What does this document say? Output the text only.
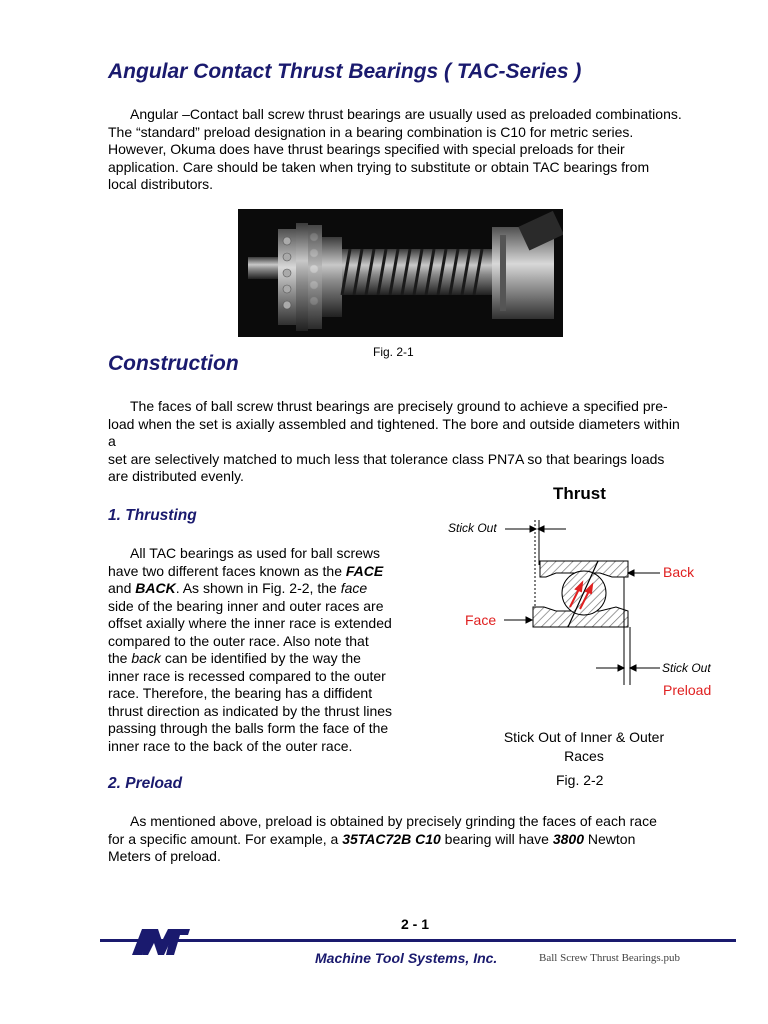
Angular Contact Thrust Bearings ( TAC-Series )
Angular –Contact ball screw thrust bearings are usually used as preloaded combinations.
The “standard” preload designation in a bearing combination is C10 for metric series.
However, Okuma does have thrust bearings specified with special preloads for their
application. Care should be taken when trying to substitute or obtain TAC bearings from
local distributors.
Fig. 2-1
Construction
The faces of ball screw thrust bearings are precisely ground to achieve a specified pre-
load when the set is axially assembled and tightened. The bore and outside diameters within
a
set are selectively matched to much less that tolerance class PN7A so that bearings loads
are distributed evenly.
1. Thrusting
All TAC bearings as used for ball screws
have two different faces known as the FACE
and BACK. As shown in Fig. 2-2, the face
side of the bearing inner and outer races are
offset axially where the inner race is extended
compared to the outer race. Also note that
the back can be identified by the way the
inner race is recessed compared to the outer
race. Therefore, the bearing has a diffident
thrust direction as indicated by the thrust lines
passing through the balls form the face of the
inner race to the back of the outer race.
Thrust
Stick Out
Back
Face
Stick Out
Preload
Stick Out of Inner & Outer
Races
Fig. 2-2
2. Preload
As mentioned above, preload is obtained by precisely grinding the faces of each race
for a specific amount. For example, a 35TAC72B C10 bearing will have 3800 Newton
Meters of preload.
2 - 1
Machine Tool Systems, Inc.	Ball Screw Thrust Bearings.pub
